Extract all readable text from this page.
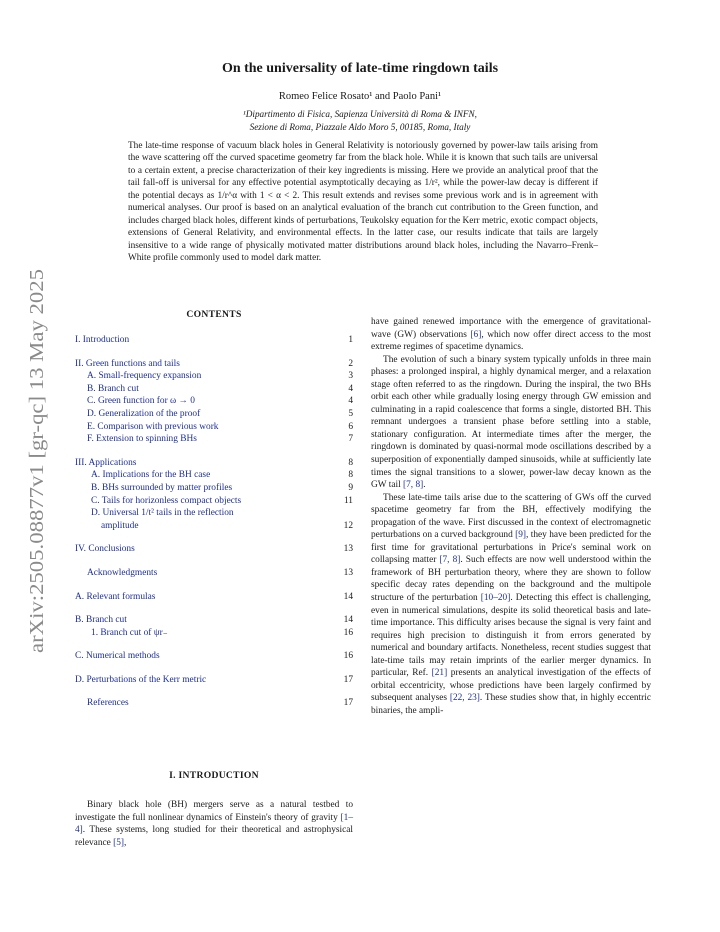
arXiv:2505.08877v1 [gr-qc] 13 May 2025
On the universality of late-time ringdown tails
Romeo Felice Rosato¹ and Paolo Pani¹
¹Dipartimento di Fisica, Sapienza Università di Roma & INFN,
Sezione di Roma, Piazzale Aldo Moro 5, 00185, Roma, Italy
The late-time response of vacuum black holes in General Relativity is notoriously governed by power-law tails arising from the wave scattering off the curved spacetime geometry far from the black hole. While it is known that such tails are universal to a certain extent, a precise characterization of their key ingredients is missing. Here we provide an analytical proof that the tail fall-off is universal for any effective potential asymptotically decaying as 1/r², while the power-law decay is different if the potential decays as 1/r^α with 1 < α < 2. This result extends and revises some previous work and is in agreement with numerical analyses. Our proof is based on an analytical evaluation of the branch cut contribution to the Green function, and includes charged black holes, different kinds of perturbations, Teukolsky equation for the Kerr metric, exotic compact objects, extensions of General Relativity, and environmental effects. In the latter case, our results indicate that tails are largely insensitive to a wide range of physically motivated matter distributions around black holes, including the Navarro–Frenk–White profile commonly used to model dark matter.
CONTENTS
I. Introduction	1
II. Green functions and tails	2
A. Small-frequency expansion	3
B. Branch cut	4
C. Green function for ω → 0	4
D. Generalization of the proof	5
E. Comparison with previous work	6
F. Extension to spinning BHs	7
III. Applications	8
A. Implications for the BH case	8
B. BHs surrounded by matter profiles	9
C. Tails for horizonless compact objects	11
D. Universal 1/t² tails in the reflection
amplitude	12
IV. Conclusions	13
Acknowledgments	13
A. Relevant formulas	14
B. Branch cut	14
1. Branch cut of ψr₋	16
C. Numerical methods	16
D. Perturbations of the Kerr metric	17
References	17
I. INTRODUCTION

Binary black hole (BH) mergers serve as a natural testbed to investigate the full nonlinear dynamics of Einstein's theory of gravity [1–4]. These systems, long studied for their theoretical and astrophysical relevance [5],

have gained renewed importance with the emergence of gravitational-wave (GW) observations [6], which now offer direct access to the most extreme regimes of spacetime dynamics.

The evolution of such a binary system typically unfolds in three main phases: a prolonged inspiral, a highly dynamical merger, and a relaxation stage often referred to as the ringdown. During the inspiral, the two BHs orbit each other while gradually losing energy through GW emission and culminating in a rapid coalescence that forms a single, distorted BH. This remnant undergoes a transient phase before settling into a stable, stationary configuration. At intermediate times after the merger, the ringdown is dominated by quasi-normal mode oscillations described by a superposition of exponentially damped sinusoids, while at sufficiently late times the signal transitions to a slower, power-law decay known as the GW tail [7, 8].

These late-time tails arise due to the scattering of GWs off the curved spacetime geometry far from the BH, effectively modifying the propagation of the wave. First discussed in the context of electromagnetic perturbations on a curved background [9], they have been predicted for the first time for gravitational perturbations in Price's seminal work on collapsing matter [7, 8]. Such effects are now well understood within the framework of BH perturbation theory, where they are shown to follow specific decay rates depending on the background and the multipole structure of the perturbation [10–20]. Detecting this effect is challenging, even in numerical simulations, despite its solid theoretical basis and late-time importance. This difficulty arises because the signal is very faint and requires high precision to distinguish it from errors generated by numerical and boundary artifacts. Nonetheless, recent studies suggest that late-time tails may retain imprints of the earlier merger dynamics. In particular, Ref. [21] presents an analytical investigation of the effects of orbital eccentricity, whose predictions have been largely confirmed by subsequent analyses [22, 23]. These studies show that, in highly eccentric binaries, the ampli-
